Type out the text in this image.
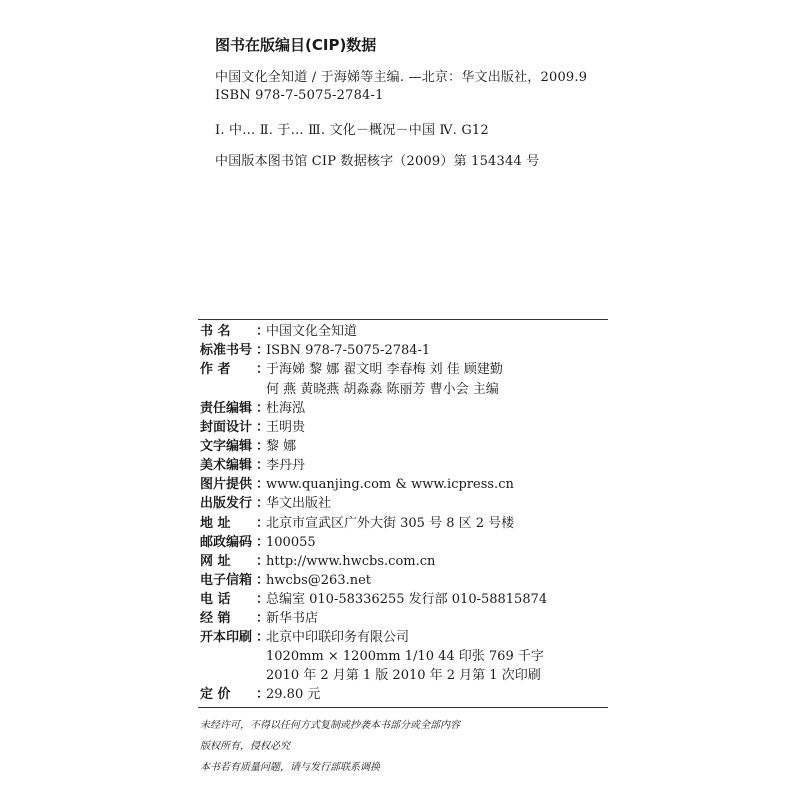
图书在版编目(CIP)数据
中国文化全知道 / 于海娣等主编. —北京：华文出版社，2009.9
ISBN 978-7-5075-2784-1
Ⅰ. 中… Ⅱ. 于… Ⅲ. 文化－概况－中国 Ⅳ. G12
中国版本图书馆 CIP 数据核字（2009）第 154344 号
书 名 ：中国文化全知道
标准书号 ：ISBN 978-7-5075-2784-1
作 者 ：于海娣 黎 娜 翟文明 李春梅 刘 佳 顾建勤
何 燕 黄晓燕 胡淼淼 陈丽芳 曹小会 主编
责任编辑 ：杜海泓
封面设计 ：王明贵
文字编辑 ：黎 娜
美术编辑 ：李丹丹
图片提供 ：www.quanjing.com & www.icpress.cn
出版发行 ：华文出版社
地 址 ：北京市宣武区广外大街 305 号 8 区 2 号楼
邮政编码 ：100055
网 址 ：http://www.hwcbs.com.cn
电子信箱 ：hwcbs@263.net
电 话 ：总编室 010-58336255 发行部 010-58815874
经 销 ：新华书店
开本印刷 ：北京中印联印务有限公司
1020mm × 1200mm 1/10 44 印张 769 千字
2010 年 2 月第 1 版 2010 年 2 月第 1 次印刷
定 价 ：29.80 元
未经许可，不得以任何方式复制或抄袭本书部分或全部内容
版权所有，侵权必究
本书若有质量问题，请与发行部联系调换
